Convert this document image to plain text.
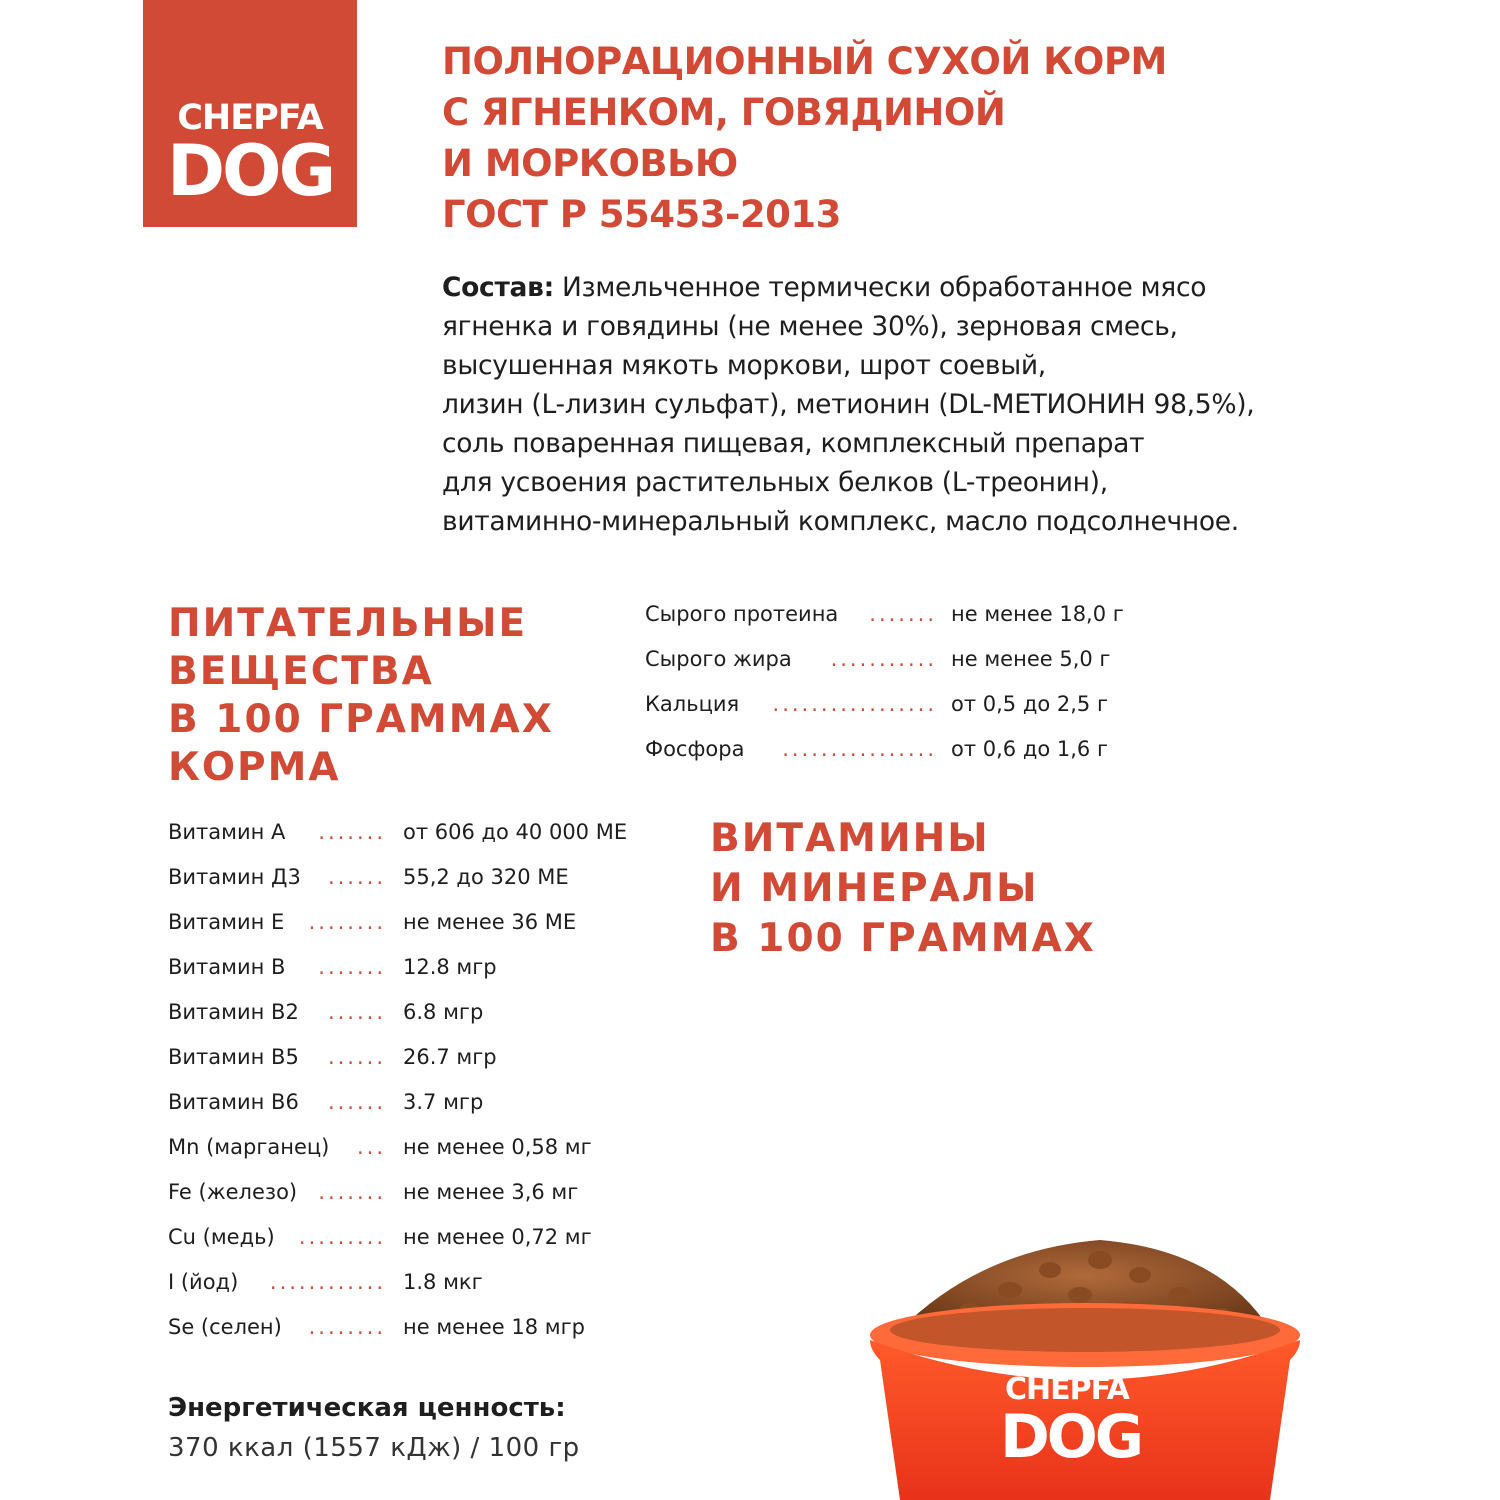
CHEPFA
DOG
ПОЛНОРАЦИОННЫЙ СУХОЙ КОРМ
С ЯГНЕНКОМ, ГОВЯДИНОЙ
И МОРКОВЬЮ
ГОСТ Р 55453-2013
Состав: Измельченное термически обработанное мясо
ягненка и говядины (не менее 30%), зерновая смесь,
высушенная мякоть моркови, шрот соевый,
лизин (L-лизин сульфат), метионин (DL-МЕТИОНИН 98,5%),
соль поваренная пищевая, комплексный препарат
для усвоения растительных белков (L-треонин),
витаминно-минеральный комплекс, масло подсолнечное.
ПИТАТЕЛЬНЫЕ
ВЕЩЕСТВА
В 100 ГРАММАХ
КОРМА
Сырого протеина ....... не менее 18,0 г
Сырого жира ........... не менее 5,0 г
Кальция ................. от 0,5 до 2,5 г
Фосфора ................ от 0,6 до 1,6 г
Витамин А ....... от 606 до 40 000 МЕ
Витамин Д3 ...... 55,2 до 320 МЕ
Витамин Е ........ не менее 36 МЕ
Витамин В ....... 12.8 мгр
Витамин В2 ...... 6.8 мгр
Витамин В5 ...... 26.7 мгр
Витамин В6 ...... 3.7 мгр
Mn (марганец) ... не менее 0,58 мг
Fe (железо) ....... не менее 3,6 мг
Cu (медь) ......... не менее 0,72 мг
I (йод) ............ 1.8 мкг
Se (селен) ........ не менее 18 мгр
ВИТАМИНЫ
И МИНЕРАЛЫ
В 100 ГРАММАХ
Энергетическая ценность:
370 ккал (1557 кДж) / 100 гр
CHEPFA
DOG
